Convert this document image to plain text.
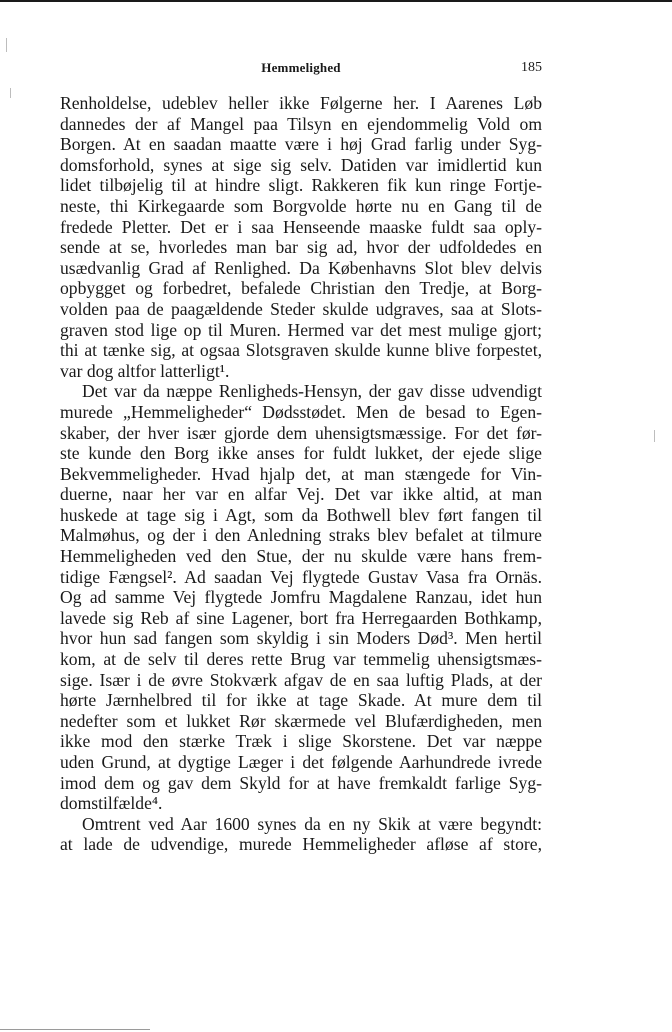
Hemmelighed	185

Renholdelse, udeblev heller ikke Følgerne her. I Aarenes Løb
dannedes der af Mangel paa Tilsyn en ejendommelig Vold om
Borgen. At en saadan maatte være i høj Grad farlig under Syg-
domsforhold, synes at sige sig selv. Datiden var imidlertid kun
lidet tilbøjelig til at hindre sligt. Rakkeren fik kun ringe Fortje-
neste, thi Kirkegaarde som Borgvolde hørte nu en Gang til de
fredede Pletter. Det er i saa Henseende maaske fuldt saa oply-
sende at se, hvorledes man bar sig ad, hvor der udfoldedes en
usædvanlig Grad af Renlighed. Da Københavns Slot blev delvis
opbygget og forbedret, befalede Christian den Tredje, at Borg-
volden paa de paagældende Steder skulde udgraves, saa at Slots-
graven stod lige op til Muren. Hermed var det mest mulige gjort;
thi at tænke sig, at ogsaa Slotsgraven skulde kunne blive forpestet,
var dog altfor latterligt¹.

Det var da næppe Renligheds-Hensyn, der gav disse udvendigt
murede „Hemmeligheder“ Dødsstødet. Men de besad to Egen-
skaber, der hver især gjorde dem uhensigtsmæssige. For det før-
ste kunde den Borg ikke anses for fuldt lukket, der ejede slige
Bekvemmeligheder. Hvad hjalp det, at man stængede for Vin-
duerne, naar her var en alfar Vej. Det var ikke altid, at man
huskede at tage sig i Agt, som da Bothwell blev ført fangen til
Malmøhus, og der i den Anledning straks blev befalet at tilmure
Hemmeligheden ved den Stue, der nu skulde være hans frem-
tidige Fængsel². Ad saadan Vej flygtede Gustav Vasa fra Ornäs.
Og ad samme Vej flygtede Jomfru Magdalene Ranzau, idet hun
lavede sig Reb af sine Lagener, bort fra Herregaarden Bothkamp,
hvor hun sad fangen som skyldig i sin Moders Død³. Men hertil
kom, at de selv til deres rette Brug var temmelig uhensigtsmæs-
sige. Især i de øvre Stokværk afgav de en saa luftig Plads, at der
hørte Jærnhelbred til for ikke at tage Skade. At mure dem til
nedefter som et lukket Rør skærmede vel Blufærdigheden, men
ikke mod den stærke Træk i slige Skorstene. Det var næppe
uden Grund, at dygtige Læger i det følgende Aarhundrede ivrede
imod dem og gav dem Skyld for at have fremkaldt farlige Syg-
domstilfælde⁴.

Omtrent ved Aar 1600 synes da en ny Skik at være begyndt:
at lade de udvendige, murede Hemmeligheder afløse af store,
